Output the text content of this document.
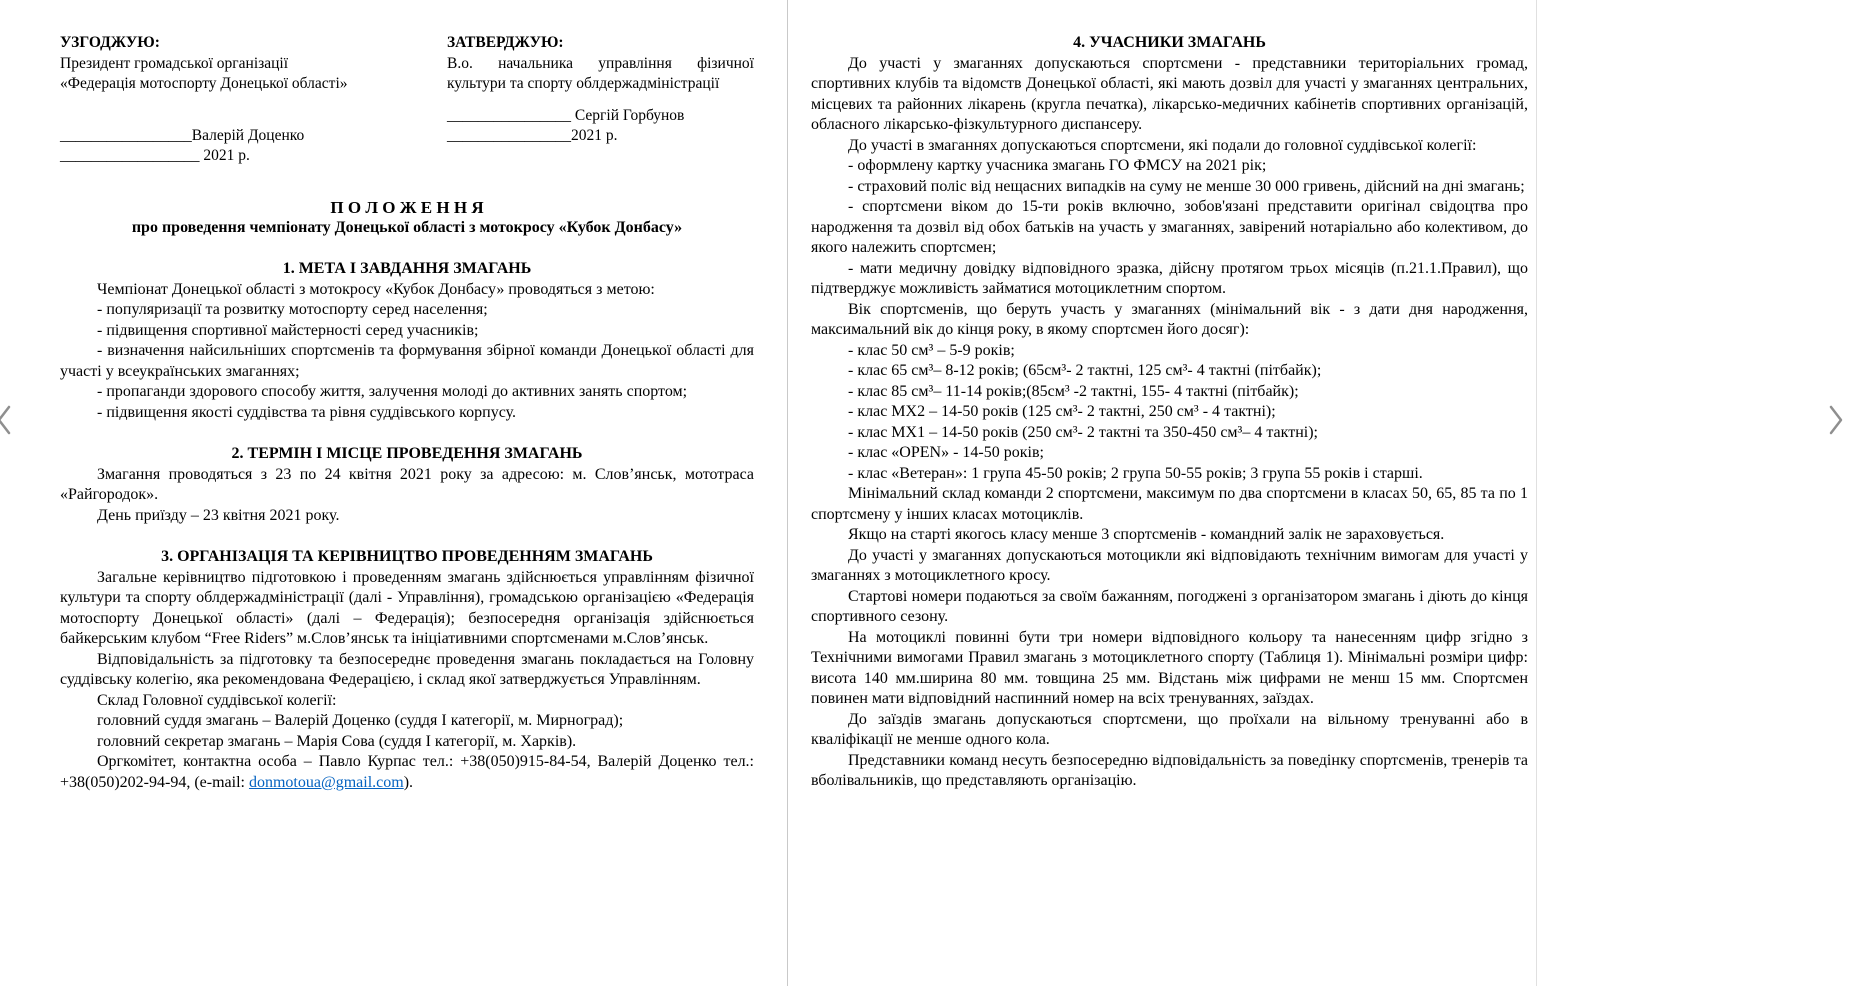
УЗГОДЖУЮ:
Президент громадської організації
«Федерація мотоспорту Донецької області»
_________________Валерій Доценко
__________________ 2021 р.
ЗАТВЕРДЖУЮ:
В.о. начальника управління фізичної
культури та спорту облдержадміністрації
________________ Сергій Горбунов
________________2021 р.
П О Л О Ж Е Н Н Я
про проведення чемпіонату Донецької області з мотокросу «Кубок Донбасу»
1. МЕТА І ЗАВДАННЯ ЗМАГАНЬ

Чемпіонат Донецької області з мотокросу «Кубок Донбасу» проводяться з метою:

- популяризації та розвитку мотоспорту серед населення;

- підвищення спортивної майстерності серед учасників;

- визначення найсильніших спортсменів та формування збірної команди Донецької області для участі у всеукраїнських змаганнях;

- пропаганди здорового способу життя, залучення молоді до активних занять спортом;

- підвищення якості суддівства та рівня суддівського корпусу.

2. ТЕРМІН І МІСЦЕ ПРОВЕДЕННЯ ЗМАГАНЬ

Змагання проводяться з 23 по 24 квітня 2021 року за адресою: м. Слов’янськ, мототраса «Райгородок».

День приїзду – 23 квітня 2021 року.

3. ОРГАНІЗАЦІЯ ТА КЕРІВНИЦТВО ПРОВЕДЕННЯМ ЗМАГАНЬ

Загальне керівництво підготовкою і проведенням змагань здійснюється управлінням фізичної культури та спорту облдержадміністрації (далі - Управління), громадською організацією «Федерація мотоспорту Донецької області» (далі – Федерація); безпосередня організація здійснюється байкерським клубом “Free Riders” м.Слов’янськ та ініціативними спортсменами м.Слов’янськ.

Відповідальність за підготовку та безпосереднє проведення змагань покладається на Головну суддівську колегію, яка рекомендована Федерацією, і склад якої затверджується Управлінням.

Склад Головної суддівської колегії:

головний суддя змагань – Валерій Доценко (суддя І категорії, м. Мирноград);

головний секретар змагань – Марія Сова (суддя І категорії, м. Харків).

Оргкомітет, контактна особа – Павло Курпас тел.: +38(050)915-84-54, Валерій Доценко тел.: +38(050)202-94-94, (e-mail: donmotoua@gmail.com).

4. УЧАСНИКИ ЗМАГАНЬ

До участі у змаганнях допускаються спортсмени - представники територіальних громад, спортивних клубів та відомств Донецької області, які мають дозвіл для участі у змаганнях центральних, місцевих та районних лікарень (кругла печатка), лікарсько-медичних кабінетів спортивних організацій, обласного лікарсько-фізкультурного диспансеру.

До участі в змаганнях допускаються спортсмени, які подали до головної суддівської колегії:

- оформлену картку учасника змагань ГО ФМСУ на 2021 рік;

- страховий поліс від нещасних випадків на суму не менше 30 000 гривень, дійсний на дні змагань;

- спортсмени віком до 15-ти років включно, зобов'язані представити оригінал свідоцтва про народження та дозвіл від обох батьків на участь у змаганнях, завірений нотаріально або колективом, до якого належить спортсмен;

- мати медичну довідку відповідного зразка, дійсну протягом трьох місяців (п.21.1.Правил), що підтверджує можливість займатися мотоциклетним спортом.

Вік спортсменів, що беруть участь у змаганнях (мінімальний вік - з дати дня народження, максимальний вік до кінця року, в якому спортсмен його досяг):

- клас 50 см³ – 5-9 років;

- клас 65 см³– 8-12 років; (65см³- 2 тактні, 125 см³- 4 тактні (пітбайк);

- клас 85 см³– 11-14 років;(85см³ -2 тактні, 155- 4 тактні (пітбайк);

- клас МХ2 – 14-50 років (125 см³- 2 тактні, 250 см³ - 4 тактні);

- клас МХ1 – 14-50 років (250 см³- 2 тактні та 350-450 см³– 4 тактні);

- клас «OPEN» - 14-50 років;

- клас «Ветеран»: 1 група 45-50 років; 2 група 50-55 років; 3 група 55 років і старші.

Мінімальний склад команди 2 спортсмени, максимум по два спортсмени в класах 50, 65, 85 та по 1 спортсмену у інших класах мотоциклів.

Якщо на старті якогось класу менше 3 спортсменів - командний залік не зараховується.

До участі у змаганнях допускаються мотоцикли які відповідають технічним вимогам для участі у змаганнях з мотоциклетного кросу.

Стартові номери подаються за своїм бажанням, погоджені з організатором змагань і діють до кінця спортивного сезону.

На мотоциклі повинні бути три номери відповідного кольору та нанесенням цифр згідно з Технічними вимогами Правил змагань з мотоциклетного спорту (Таблиця 1). Мінімальні розміри цифр: висота 140 мм.ширина 80 мм. товщина 25 мм. Відстань між цифрами не менш 15 мм. Спортсмен повинен мати відповідний наспинний номер на всіх тренуваннях, заїздах.

До заїздів змагань допускаються спортсмени, що проїхали на вільному тренуванні або в кваліфікації не менше одного кола.

Представники команд несуть безпосередню відповідальність за поведінку спортсменів, тренерів та вболівальників, що представляють організацію.
